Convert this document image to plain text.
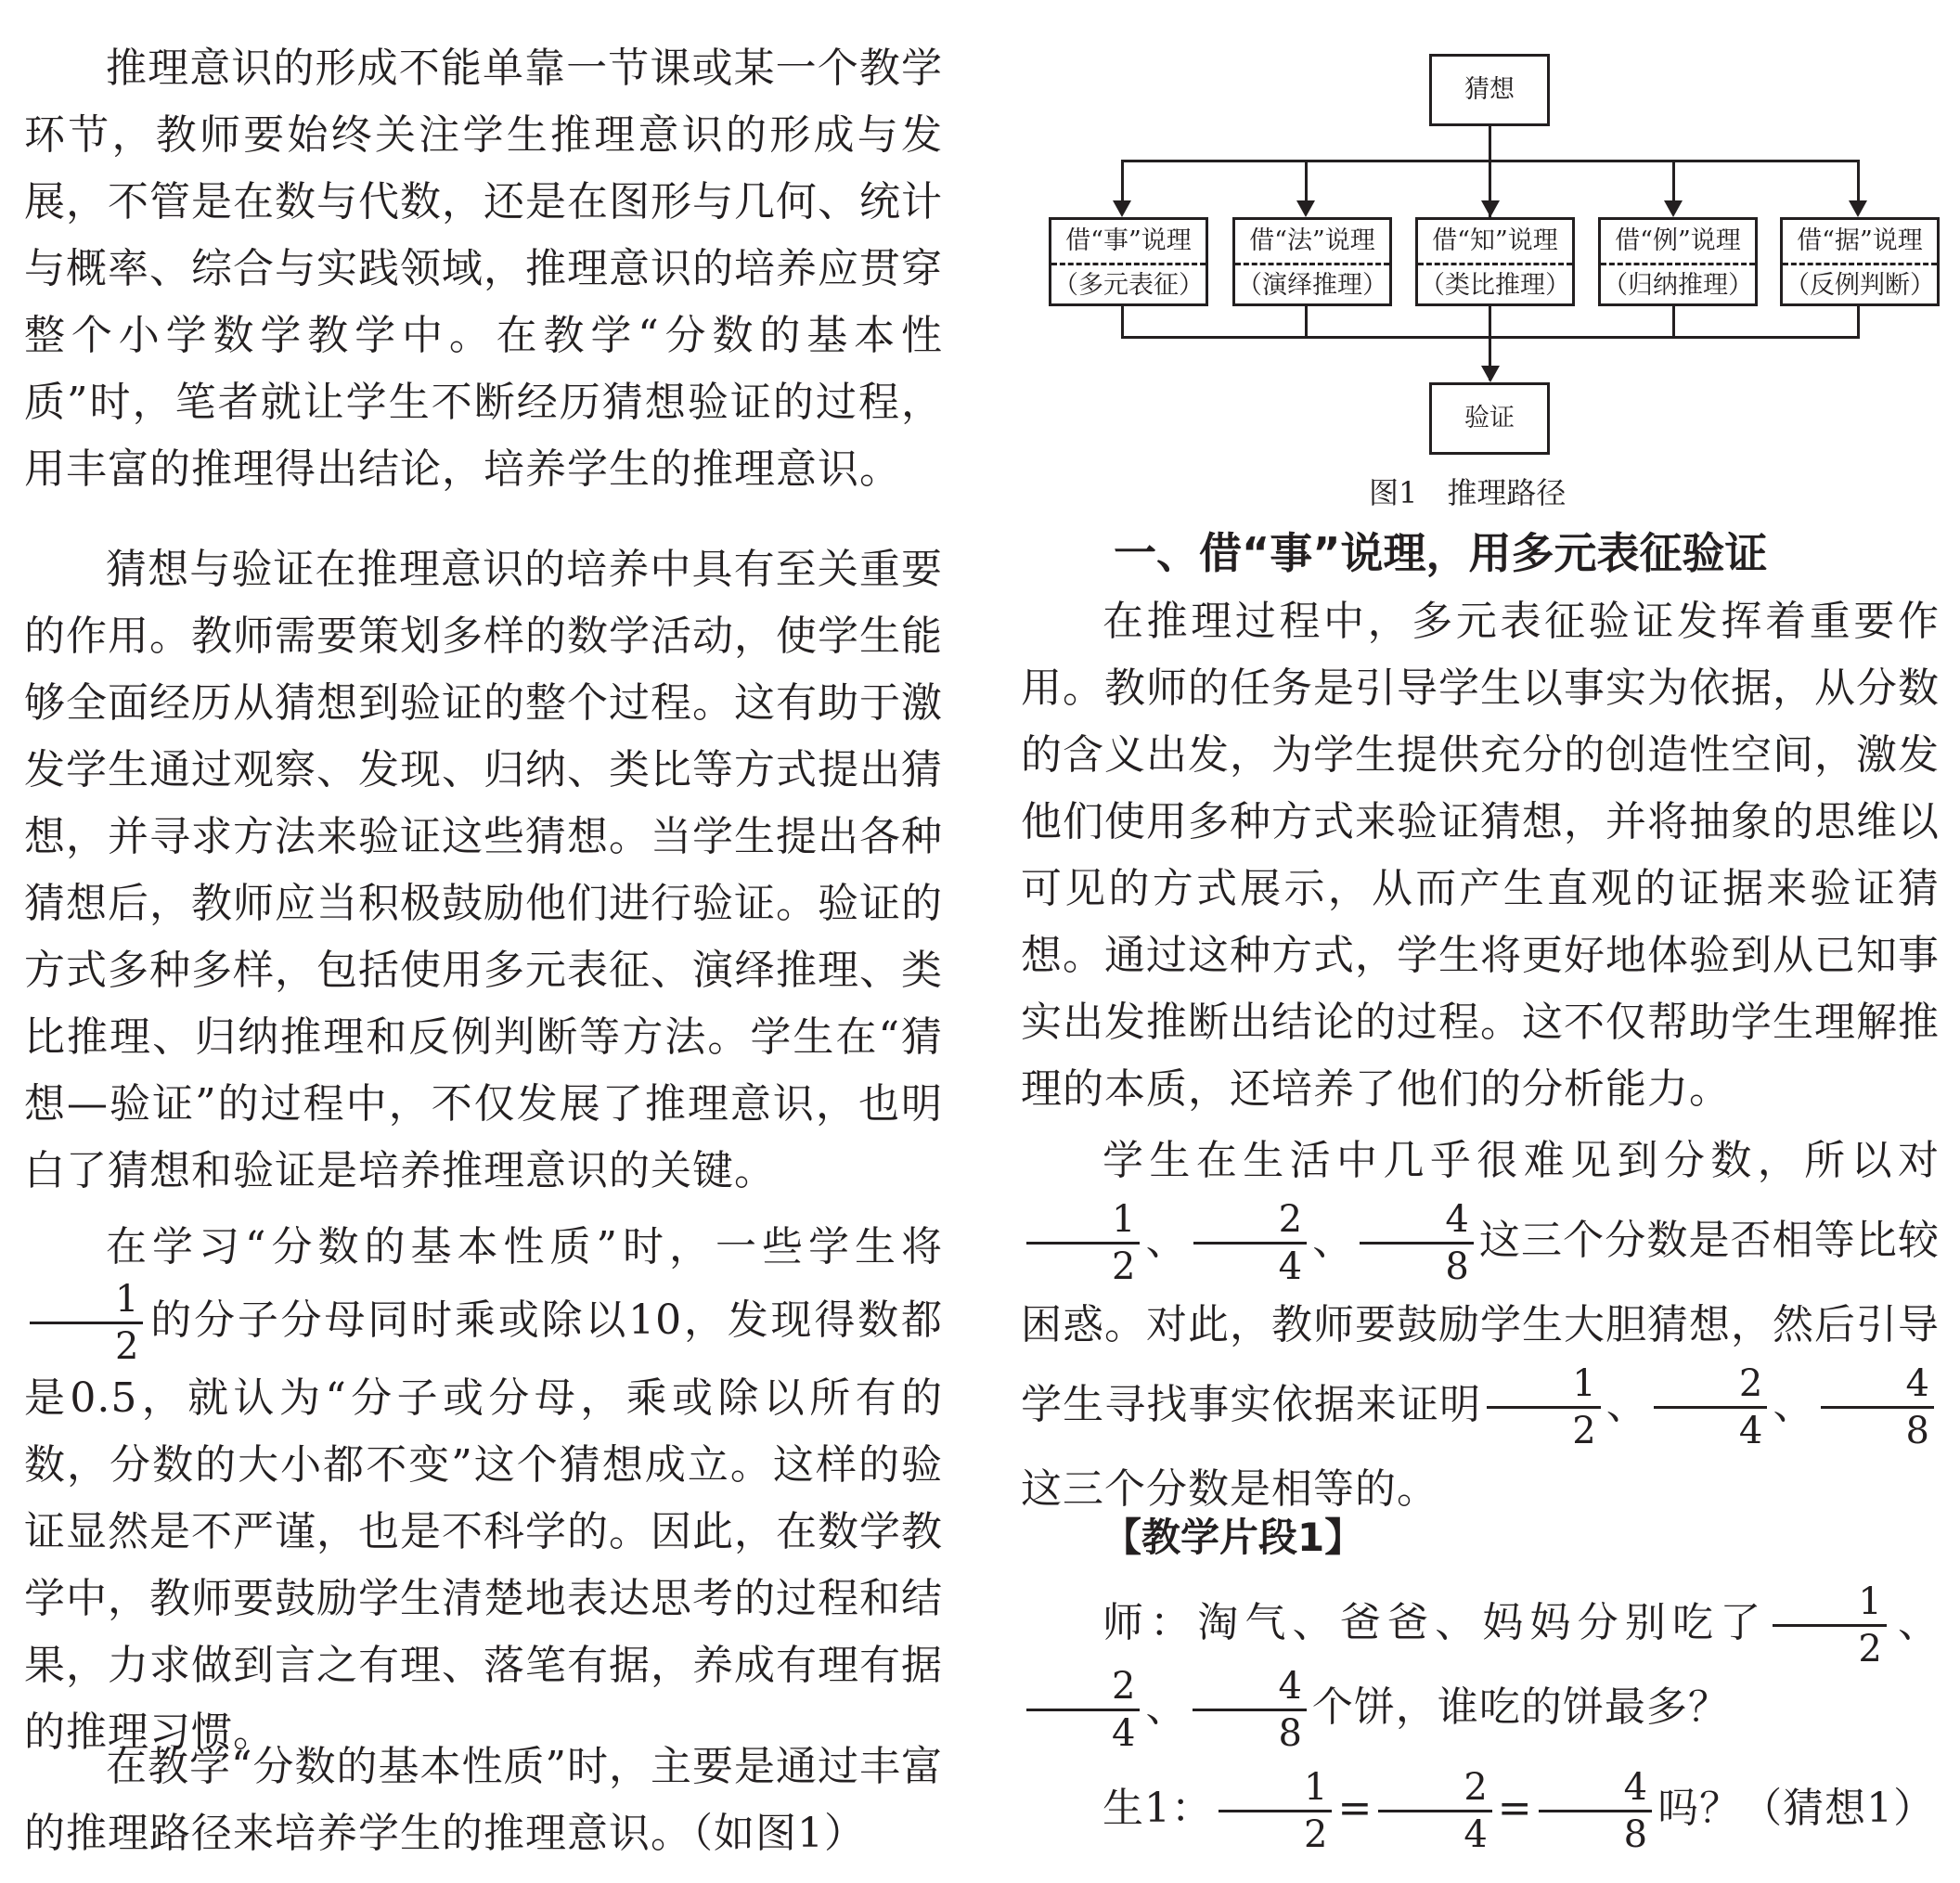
推理意识的形成不能单靠一节课或某一个教学环节，教师要始终关注学生推理意识的形成与发展，不管是在数与代数，还是在图形与几何、统计与概率、综合与实践领域，推理意识的培养应贯穿整个小学数学教学中。在教学“分数的基本性质”时，笔者就让学生不断经历猜想验证的过程，用丰富的推理得出结论，培养学生的推理意识。

猜想与验证在推理意识的培养中具有至关重要的作用。教师需要策划多样的数学活动，使学生能够全面经历从猜想到验证的整个过程。这有助于激发学生通过观察、发现、归纳、类比等方式提出猜想，并寻求方法来验证这些猜想。当学生提出各种猜想后，教师应当积极鼓励他们进行验证。验证的方式多种多样，包括使用多元表征、演绎推理、类比推理、归纳推理和反例判断等方法。学生在“猜想—验证”的过程中，不仅发展了推理意识，也明白了猜想和验证是培养推理意识的关键。

在学习“分数的基本性质”时，一些学生将
$\frac{1}{2}$ 的分子分母同时乘或除以10，发现得数都是0.5，就认为“分子或分母，乘或除以所有的数，分数的大小都不变”这个猜想成立。这样的验证显然是不严谨，也是不科学的。因此，在数学教学中，教师要鼓励学生清楚地表达思考的过程和结果，力求做到言之有理、落笔有据，养成有理有据的推理习惯。

在教学“分数的基本性质”时，主要是通过丰富的推理路径来培养学生的推理意识。（如图1）

猜想
借“事”说理
（多元表征）
借“法”说理
（演绎推理）
借“知”说理
（类比推理）
借“例”说理
（归纳推理）
借“据”说理
（反例判断）
验证
图1　推理路径
一、借“事”说理，用多元表征验证

在推理过程中，多元表征验证发挥着重要作用。教师的任务是引导学生以事实为依据，从分数的含义出发，为学生提供充分的创造性空间，激发他们使用多种方式来验证猜想，并将抽象的思维以可见的方式展示，从而产生直观的证据来验证猜想。通过这种方式，学生将更好地体验到从已知事实出发推断出结论的过程。这不仅帮助学生理解推理的本质，还培养了他们的分析能力。

学生在生活中几乎很难见到分数，所以对
$\frac{1}{2}$ 、 $\frac{2}{4}$ 、 $\frac{4}{8}$ 这三个分数是否相等比较困惑。对此，教师要鼓励学生大胆猜想，然后引导学生寻找事实依据来证明 $\frac{1}{2}$ 、 $\frac{2}{4}$ 、 $\frac{4}{8}$
这三个分数是相等的。

【教学片段1】

师：淘气、爸爸、妈妈分别吃了 $\frac{1}{2}$ 、
$\frac{2}{4}$ 、 $\frac{4}{8}$ 个饼，谁吃的饼最多？

生1： $\frac{1}{2} = \frac{2}{4} = \frac{4}{8}$ 吗？（猜想1）
